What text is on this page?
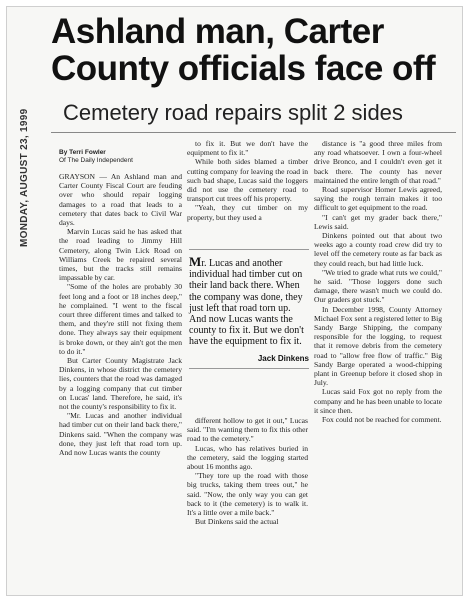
Ashland man, Carter County officials face off
Cemetery road repairs split 2 sides
MONDAY, AUGUST 23, 1999	By Terri Fowler
Of The Daily Independent

GRAYSON — An Ashland man and Carter County Fiscal Court are feuding over who should repair logging damages to a road that leads to a cemetery that dates back to Civil War days.

Marvin Lucas said he has asked that the road leading to Jimmy Hill Cemetery, along Twin Lick Road on Williams Creek be repaired several times, but the tracks still remains impassable by car.

"Some of the holes are probably 30 feet long and a foot or 18 inches deep," he complained. "I went to the fiscal court three different times and talked to them, and they're still not fixing them done. They always say their equipment is broke down, or they ain't got the men to do it."

But Carter County Magistrate Jack Dinkens, in whose district the cemetery lies, counters that the road was damaged by a logging company that cut timber on Lucas' land. Therefore, he said, it's not the county's responsibility to fix it.

"Mr. Lucas and another individual had timber cut on their land back there," Dinkens said. "When the company was done, they just left that road torn up. And now Lucas wants the county

to fix it. But we don't have the equipment to fix it."

While both sides blamed a timber cutting company for leaving the road in such bad shape, Lucas said the loggers did not use the cemetery road to transport cut trees off his property.

"Yeah, they cut timber on my property, but they used a

Mr. Lucas and another individual had timber cut on their land back there. When the company was done, they just left that road torn up. And now Lucas wants the county to fix it. But we don't have the equipment to fix it.
Jack Dinkens

different hollow to get it out," Lucas said. "I'm wanting them to fix this other road to the cemetery."

Lucas, who has relatives buried in the cemetery, said the logging started about 16 months ago.

"They tore up the road with those big trucks, taking them trees out," he said. "Now, the only way you can get back to it (the cemetery) is to walk it. It's a little over a mile back."

But Dinkens said the actual

distance is "a good three miles from any road whatsoever. I own a four-wheel drive Bronco, and I couldn't even get it back there. The county has never maintained the entire length of that road."

Road supervisor Homer Lewis agreed, saying the rough terrain makes it too difficult to get equipment to the road.

"I can't get my grader back there," Lewis said.

Dinkens pointed out that about two weeks ago a county road crew did try to level off the cemetery route as far back as they could reach, but had little luck.

"We tried to grade what ruts we could," he said. "Those loggers done such damage, there wasn't much we could do. Our graders got stuck."

In December 1998, County Attorney Michael Fox sent a registered letter to Big Sandy Barge Shipping, the company responsible for the logging, to request that it remove debris from the cemetery road to "allow free flow of traffic." Big Sandy Barge operated a wood-chipping plant in Greenup before it closed shop in July.

Lucas said Fox got no reply from the company and he has been unable to locate it since then.

Fox could not be reached for comment.
